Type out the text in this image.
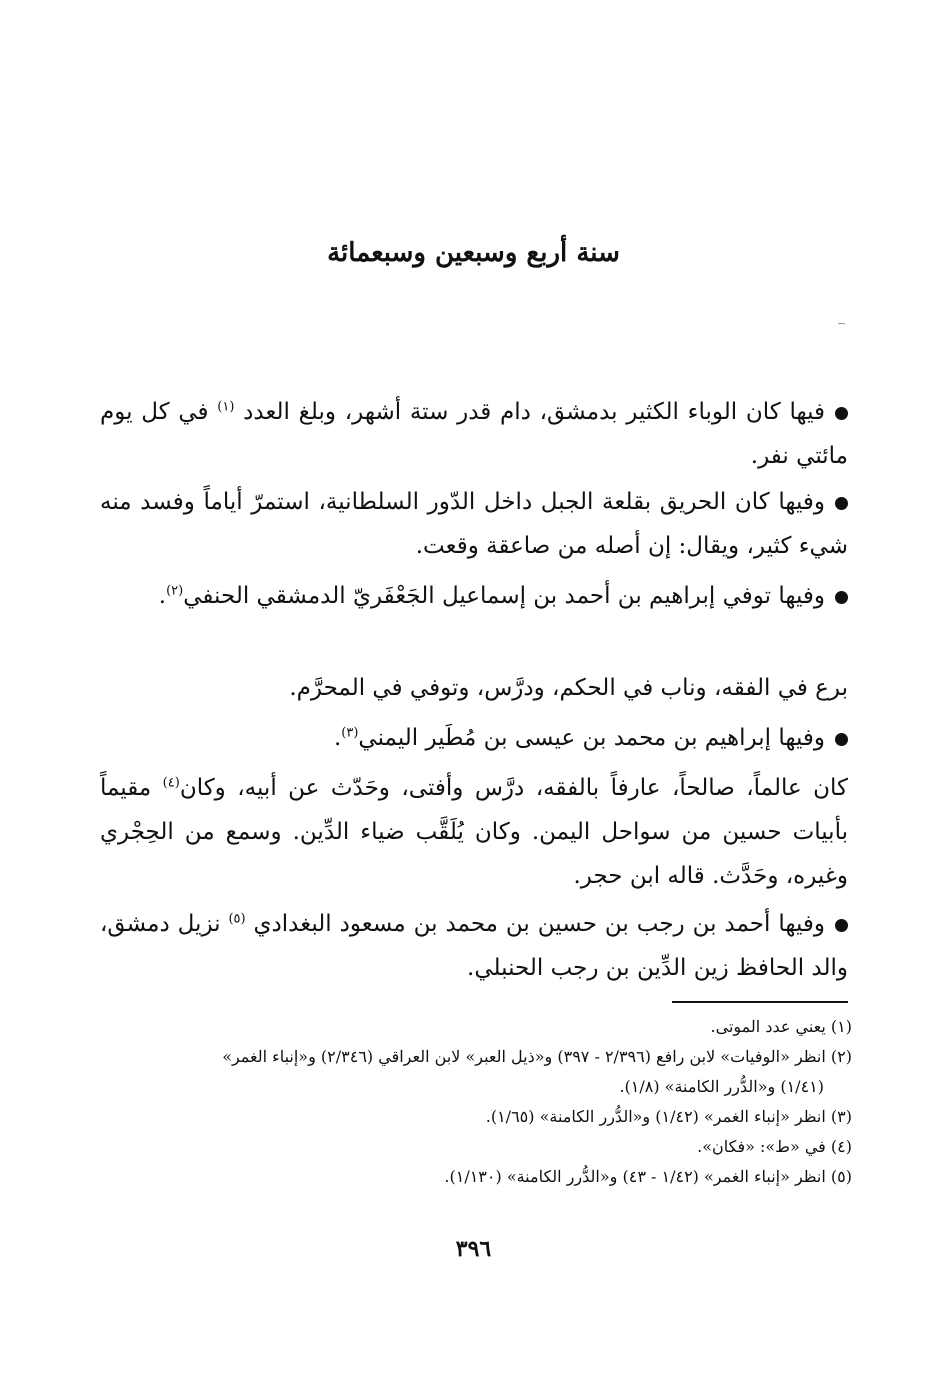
‾
سنة أربع وسبعين وسبعمائة
فيها كان الوباء الكثير بدمشق، دام قدر ستة أشهر، وبلغ العدد $^{(١)}$ في كل يوم مائتي نفر.
وفيها كان الحريق بقلعة الجبل داخل الدّور السلطانية، استمرّ أياماً وفسد منه شيء كثير، ويقال: إن أصله من صاعقة وقعت.
وفيها توفي إبراهيم بن أحمد بن إسماعيل الجَعْفَريّ الدمشقي الحنفي$^{(٢)}$.
برع في الفقه، وناب في الحكم، ودرَّس، وتوفي في المحرَّم.
وفيها إبراهيم بن محمد بن عيسى بن مُطَير اليمني$^{(٣)}$.
كان عالماً، صالحاً، عارفاً بالفقه، درَّس وأفتى، وحَدّث عن أبيه، وكان$^{(٤)}$ مقيماً بأبيات حسين من سواحل اليمن. وكان يُلَقَّب ضياء الدِّين. وسمع من الحِجْري وغيره، وحَدَّث. قاله ابن حجر.
وفيها أحمد بن رجب بن حسين بن محمد بن مسعود البغدادي $^{(٥)}$ نزيل دمشق، والد الحافظ زين الدِّين بن رجب الحنبلي.
(١) يعني عدد الموتى.
(٢) انظر «الوفيات» لابن رافع (٢/٣٩٦ - ٣٩٧) و«ذيل العبر» لابن العراقي (٢/٣٤٦) و«إنباء الغمر»
(١/٤١) و«الدُّرر الكامنة» (١/٨).
(٣) انظر «إنباء الغمر» (١/٤٢) و«الدُّرر الكامنة» (١/٦٥).
(٤) في «ط»: «فكان».
(٥) انظر «إنباء الغمر» (١/٤٢ - ٤٣) و«الدُّرر الكامنة» (١/١٣٠).
٣٩٦
